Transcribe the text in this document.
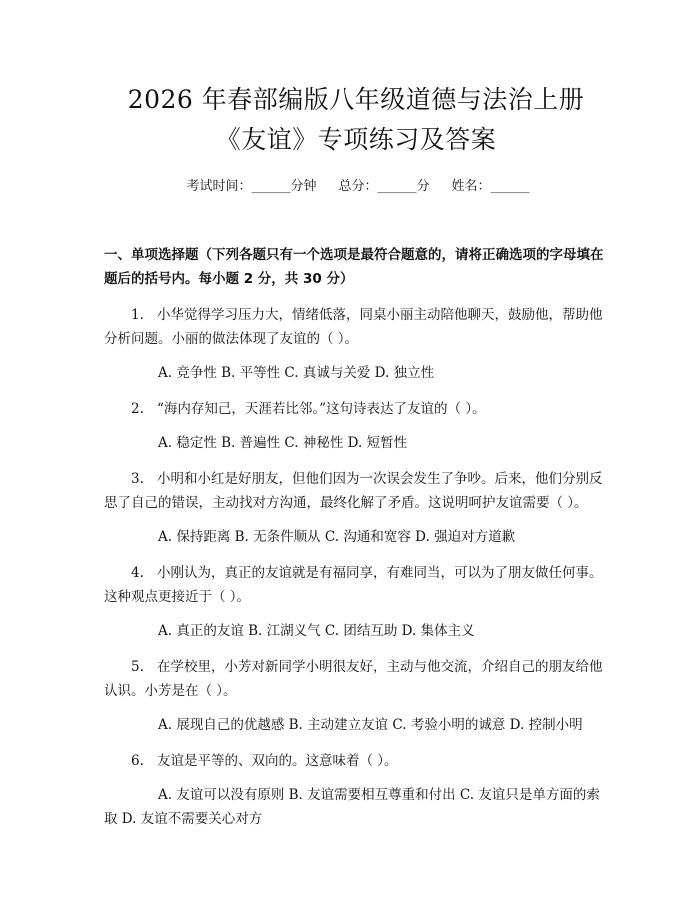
2026 年春部编版八年级道德与法治上册《友谊》专项练习及答案
考试时间：______分钟 总分：______分 姓名：______
一、单项选择题（下列各题只有一个选项是最符合题意的，请将正确选项的字母填在题后的括号内。每小题 2 分，共 30 分）
1. 小华觉得学习压力大，情绪低落，同桌小丽主动陪他聊天，鼓励他，帮助他分析问题。小丽的做法体现了友谊的（ ）。
A. 竞争性 B. 平等性 C. 真诚与关爱 D. 独立性
2. “海内存知己，天涯若比邻。”这句诗表达了友谊的（ ）。
A. 稳定性 B. 普遍性 C. 神秘性 D. 短暂性
3. 小明和小红是好朋友，但他们因为一次误会发生了争吵。后来，他们分别反思了自己的错误，主动找对方沟通，最终化解了矛盾。这说明呵护友谊需要（ ）。
A. 保持距离 B. 无条件顺从 C. 沟通和宽容 D. 强迫对方道歉
4. 小刚认为，真正的友谊就是有福同享，有难同当，可以为了朋友做任何事。这种观点更接近于（ ）。
A. 真正的友谊 B. 江湖义气 C. 团结互助 D. 集体主义
5. 在学校里，小芳对新同学小明很友好，主动与他交流，介绍自己的朋友给他认识。小芳是在（ ）。
A. 展现自己的优越感 B. 主动建立友谊 C. 考验小明的诚意 D. 控制小明
6. 友谊是平等的、双向的。这意味着（ ）。
A. 友谊可以没有原则 B. 友谊需要相互尊重和付出 C. 友谊只是单方面的索取 D. 友谊不需要关心对方
